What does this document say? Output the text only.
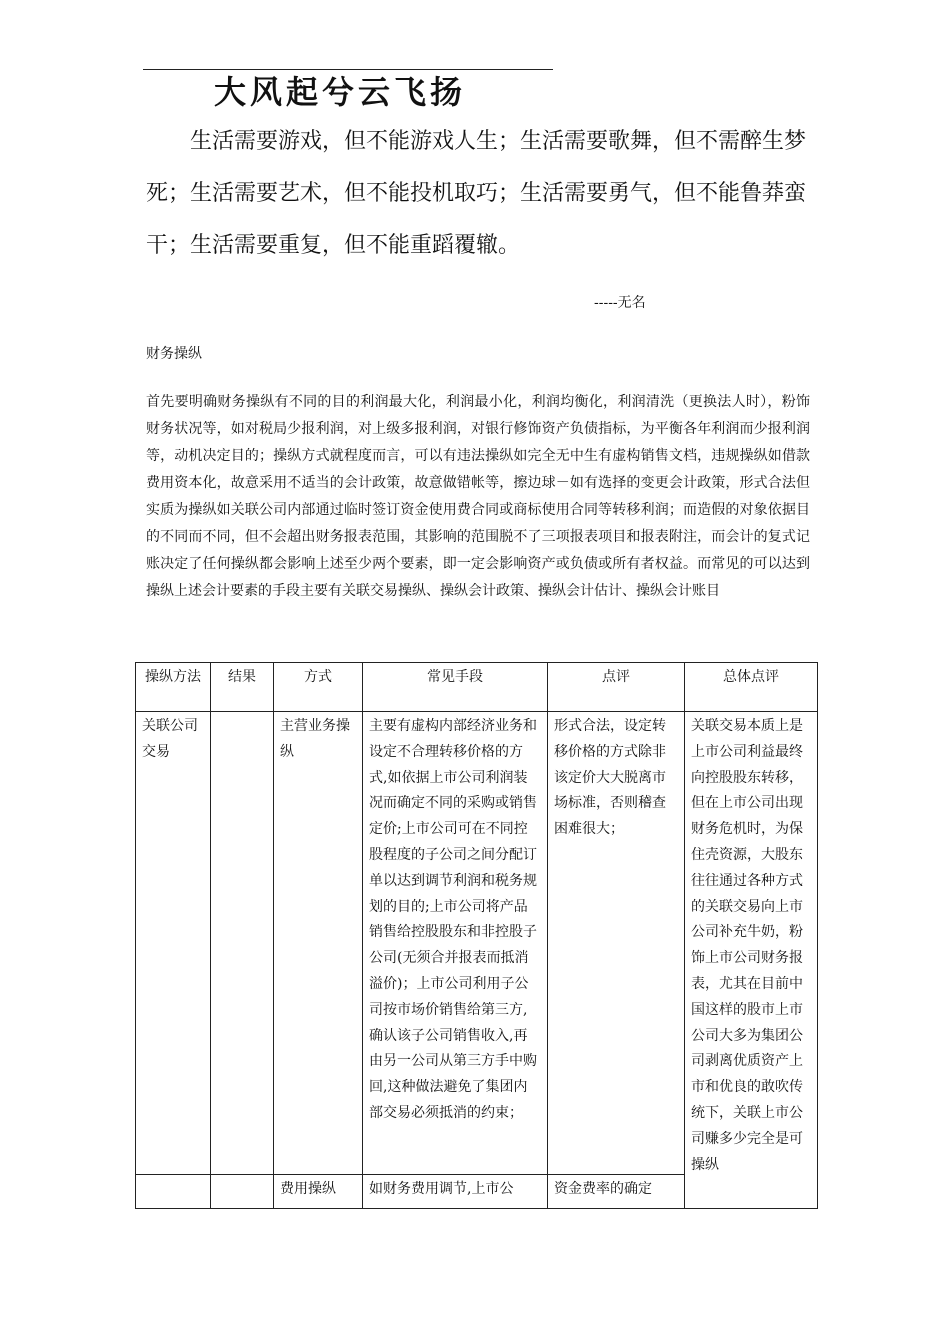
大风起兮云飞扬
生活需要游戏，但不能游戏人生；生活需要歌舞，但不需醉生梦死；生活需要艺术，但不能投机取巧；生活需要勇气，但不能鲁莽蛮干；生活需要重复，但不能重蹈覆辙。
-----无名
财务操纵
首先要明确财务操纵有不同的目的利润最大化，利润最小化，利润均衡化，利润清洗（更换法人时），粉饰财务状况等，如对税局少报利润，对上级多报利润，对银行修饰资产负债指标，为平衡各年利润而少报利润等，动机决定目的；操纵方式就程度而言，可以有违法操纵如完全无中生有虚构销售文档，违规操纵如借款费用资本化，故意采用不适当的会计政策，故意做错帐等，擦边球－如有选择的变更会计政策，形式合法但实质为操纵如关联公司内部通过临时签订资金使用费合同或商标使用合同等转移利润；而造假的对象依据目的不同而不同，但不会超出财务报表范围，其影响的范围脱不了三项报表项目和报表附注，而会计的复式记账决定了任何操纵都会影响上述至少两个要素，即一定会影响资产或负债或所有者权益。而常见的可以达到操纵上述会计要素的手段主要有关联交易操纵、操纵会计政策、操纵会计估计、操纵会计账目
操纵方法	结果	方式	常见手段	点评	总体点评
关联公司交易		主营业务操纵	主要有虚构内部经济业务和设定不合理转移价格的方式,如依据上市公司利润装况而确定不同的采购或销售定价;上市公司可在不同控股程度的子公司之间分配订单以达到调节利润和税务规划的目的;上市公司将产品销售给控股股东和非控股子公司(无须合并报表而抵消溢价)；上市公司利用子公司按市场价销售给第三方,确认该子公司销售收入,再由另一公司从第三方手中购回,这种做法避免了集团内部交易必须抵消的约束；	形式合法，设定转移价格的方式除非该定价大大脱离市场标准，否则稽查困难很大；	关联交易本质上是上市公司利益最终向控股股东转移，但在上市公司出现财务危机时，为保住壳资源，大股东往往通过各种方式的关联交易向上市公司补充牛奶，粉饰上市公司财务报表，尤其在目前中国这样的股市上市公司大多为集团公司剥离优质资产上市和优良的敢吹传统下，关联上市公司赚多少完全是可操纵

		费用操纵	如财务费用调节,上市公	资金费率的确定	
